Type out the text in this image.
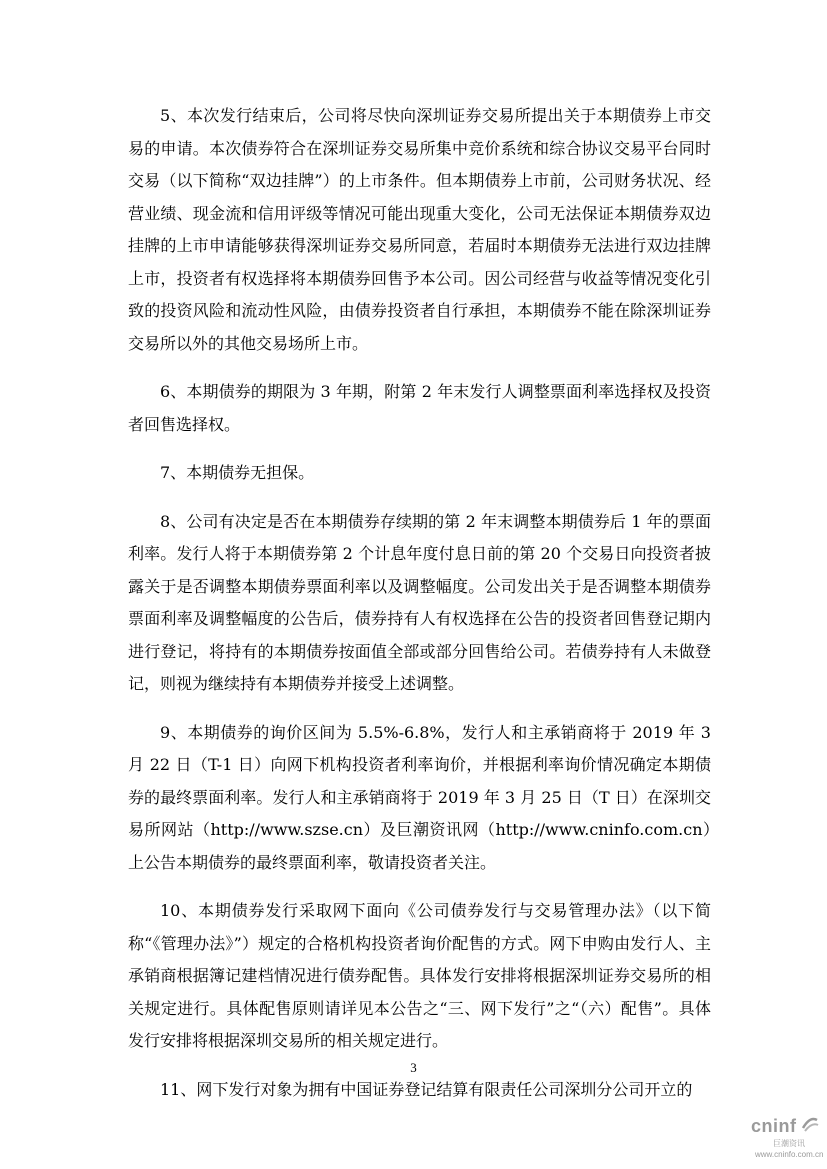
5、本次发行结束后，公司将尽快向深圳证券交易所提出关于本期债券上市交易的申请。本次债券符合在深圳证券交易所集中竞价系统和综合协议交易平台同时交易（以下简称“双边挂牌”）的上市条件。但本期债券上市前，公司财务状况、经营业绩、现金流和信用评级等情况可能出现重大变化，公司无法保证本期债券双边挂牌的上市申请能够获得深圳证券交易所同意，若届时本期债券无法进行双边挂牌上市，投资者有权选择将本期债券回售予本公司。因公司经营与收益等情况变化引致的投资风险和流动性风险，由债券投资者自行承担，本期债券不能在除深圳证券交易所以外的其他交易场所上市。

6、本期债券的期限为 3 年期，附第 2 年末发行人调整票面利率选择权及投资者回售选择权。

7、本期债券无担保。

8、公司有决定是否在本期债券存续期的第 2 年末调整本期债券后 1 年的票面利率。发行人将于本期债券第 2 个计息年度付息日前的第 20 个交易日向投资者披露关于是否调整本期债券票面利率以及调整幅度。公司发出关于是否调整本期债券票面利率及调整幅度的公告后，债券持有人有权选择在公告的投资者回售登记期内进行登记，将持有的本期债券按面值全部或部分回售给公司。若债券持有人未做登记，则视为继续持有本期债券并接受上述调整。

9、本期债券的询价区间为 5.5%-6.8%，发行人和主承销商将于 2019 年 3 月 22 日（T-1 日）向网下机构投资者利率询价，并根据利率询价情况确定本期债券的最终票面利率。发行人和主承销商将于 2019 年 3 月 25 日（T 日）在深圳交易所网站（http://www.szse.cn）及巨潮资讯网（http://www.cninfo.com.cn）上公告本期债券的最终票面利率，敬请投资者关注。

10、本期债券发行采取网下面向《公司债券发行与交易管理办法》（以下简称“《管理办法》”）规定的合格机构投资者询价配售的方式。网下申购由发行人、主承销商根据簿记建档情况进行债券配售。具体发行安排将根据深圳证券交易所的相关规定进行。具体配售原则请详见本公告之“三、网下发行”之“（六）配售”。具体发行安排将根据深圳交易所的相关规定进行。

11、网下发行对象为拥有中国证券登记结算有限责任公司深圳分公司开立的

3
cninf
巨潮资讯
www.cninfo.com.cn
